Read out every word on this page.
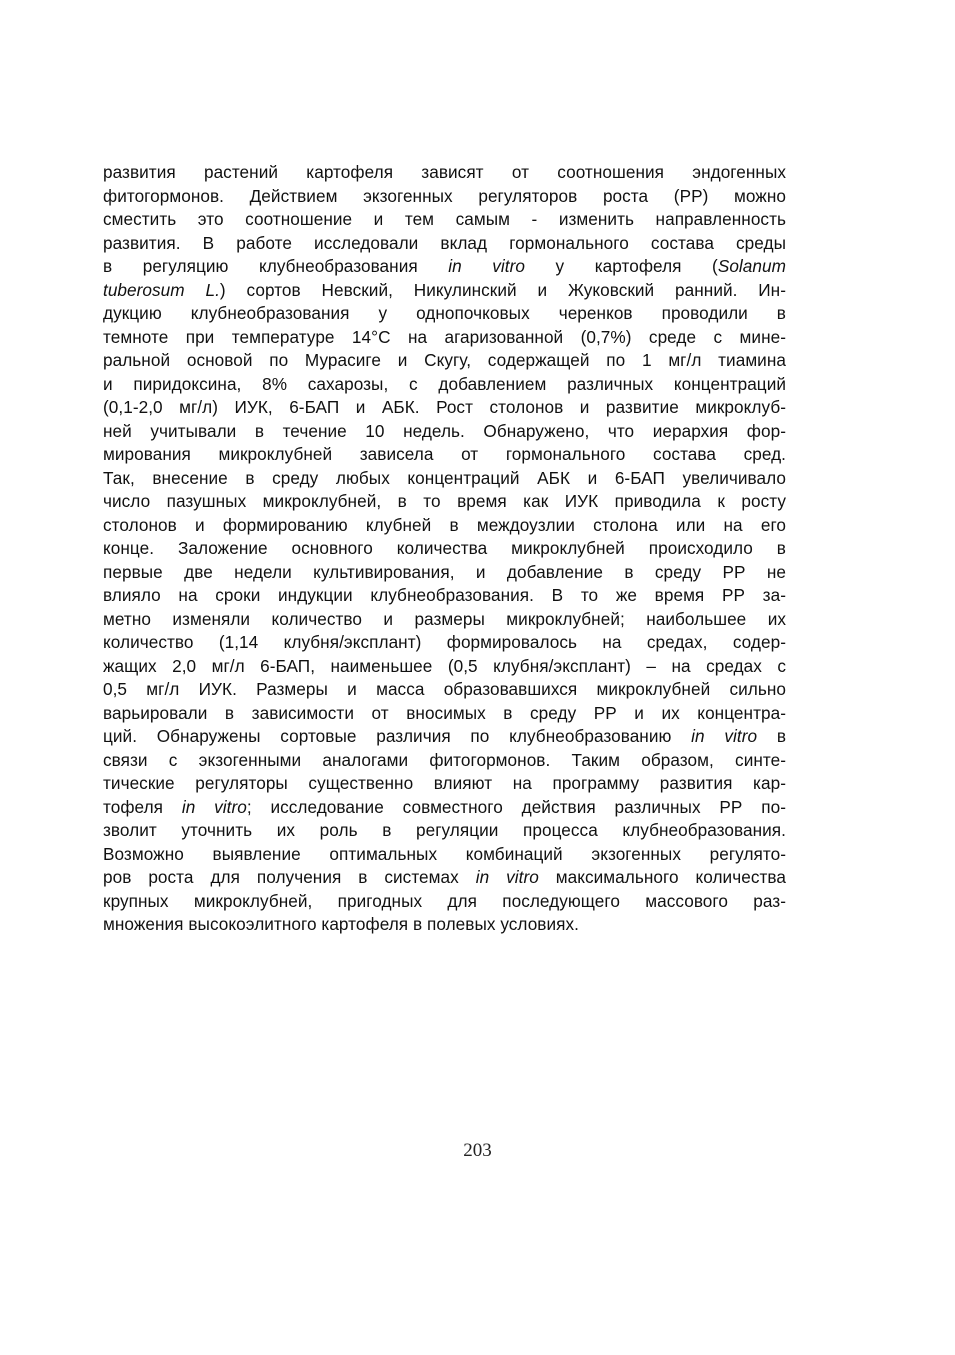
развития растений картофеля зависят от соотношения эндогенных
фитогормонов. Действием экзогенных регуляторов роста (РР) можно
сместить это соотношение и тем самым - изменить направленность
развития. В работе исследовали вклад гормонального состава среды
в регуляцию клубнеобразования in vitro у картофеля (Solanum
tuberosum L.) сортов Невский, Никулинский и Жуковский ранний. Ин-
дукцию клубнеобразования у однопочковых черенков проводили в
темноте при температуре 14°С на агаризованной (0,7%) среде с мине-
ральной основой по Мурасиге и Скугу, содержащей по 1 мг/л тиамина
и пиридоксина, 8% сахарозы, с добавлением различных концентраций
(0,1-2,0 мг/л) ИУК, 6-БАП и АБК. Рост столонов и развитие микроклуб-
ней учитывали в течение 10 недель. Обнаружено, что иерархия фор-
мирования микроклубней зависела от гормонального состава сред.
Так, внесение в среду любых концентраций АБК и 6-БАП увеличивало
число пазушных микроклубней, в то время как ИУК приводила к росту
столонов и формированию клубней в междоузлии столона или на его
конце. Заложение основного количества микроклубней происходило в
первые две недели культивирования, и добавление в среду РР не
влияло на сроки индукции клубнеобразования. В то же время РР за-
метно изменяли количество и размеры микроклубней; наибольшее их
количество (1,14 клубня/эксплант) формировалось на средах, содер-
жащих 2,0 мг/л 6-БАП, наименьшее (0,5 клубня/эксплант) – на средах с
0,5 мг/л ИУК. Размеры и масса образовавшихся микроклубней сильно
варьировали в зависимости от вносимых в среду РР и их концентра-
ций. Обнаружены сортовые различия по клубнеобразованию in vitro в
связи с экзогенными аналогами фитогормонов. Таким образом, синте-
тические регуляторы существенно влияют на программу развития кар-
тофеля in vitro; исследование совместного действия различных РР по-
зволит уточнить их роль в регуляции процесса клубнеобразования.
Возможно выявление оптимальных комбинаций экзогенных регулято-
ров роста для получения в системах in vitro максимального количества
крупных микроклубней, пригодных для последующего массового раз-
множения высокоэлитного картофеля в полевых условиях.
203
